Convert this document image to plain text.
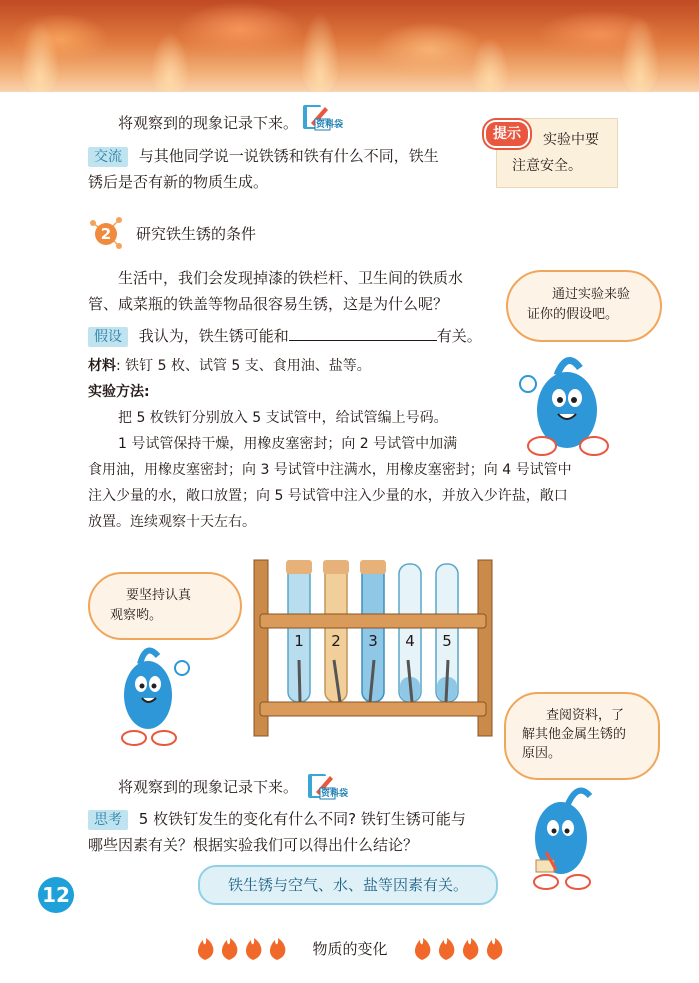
将观察到的现象记录下来。 资料袋
交流 与其他同学说一说铁锈和铁有什么不同，铁生
锈后是否有新的物质生成。
提示	实验中要
注意安全。
2	研究铁生锈的条件
生活中，我们会发现掉漆的铁栏杆、卫生间的铁质水
管、咸菜瓶的铁盖等物品很容易生锈，这是为什么呢？
通过实验来验
证你的假设吧。
假设 我认为，铁生锈可能和	有关。
材料: 铁钉 5 枚、试管 5 支、食用油、盐等。
实验方法:
把 5 枚铁钉分别放入 5 支试管中，给试管编上号码。
1 号试管保持干燥，用橡皮塞密封；向 2 号试管中加满
食用油，用橡皮塞密封；向 3 号试管中注满水，用橡皮塞密封；向 4 号试管中
注入少量的水，敞口放置；向 5 号试管中注入少量的水，并放入少许盐，敞口
放置。连续观察十天左右。
要坚持认真
观察哟。
1	2	3	4	5
查阅资料，了
解其他金属生锈的
原因。
将观察到的现象记录下来。	资料袋
思考 5 枚铁钉发生的变化有什么不同? 铁钉生锈可能与
哪些因素有关？根据实验我们可以得出什么结论？
铁生锈与空气、水、盐等因素有关。
12
物质的变化
